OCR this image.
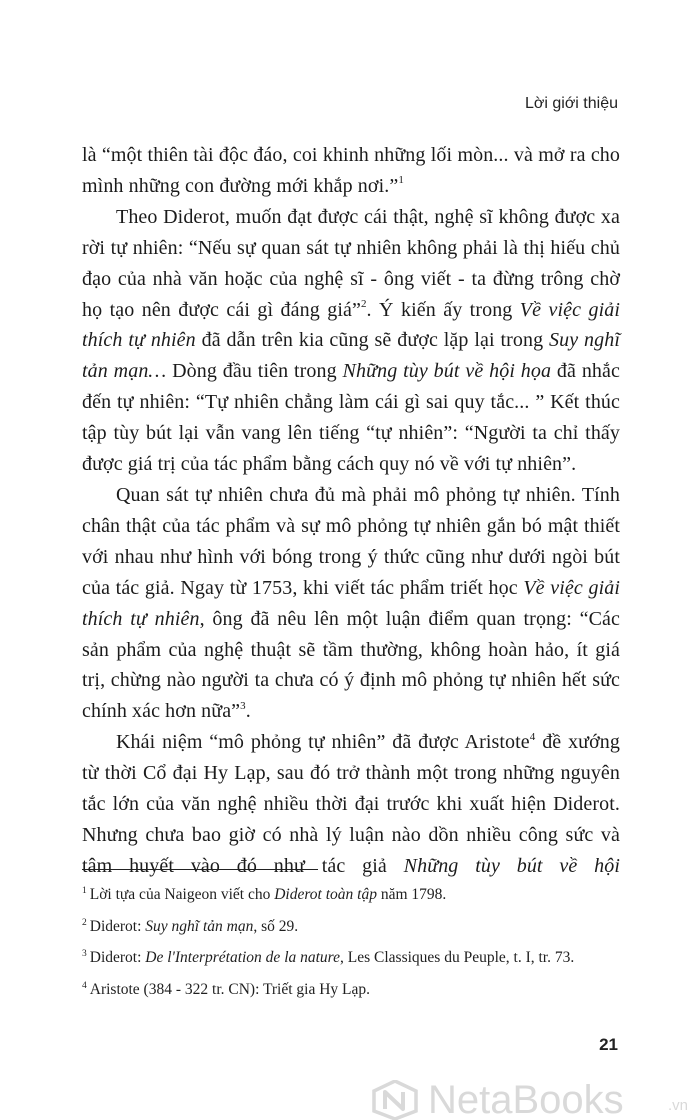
Lời giới thiệu

là “một thiên tài độc đáo, coi khinh những lối mòn... và mở ra cho mình những con đường mới khắp nơi.”$^1$

Theo Diderot, muốn đạt được cái thật, nghệ sĩ không được xa rời tự nhiên: “Nếu sự quan sát tự nhiên không phải là thị hiếu chủ đạo của nhà văn hoặc của nghệ sĩ - ông viết - ta đừng trông chờ họ tạo nên được cái gì đáng giá”$^2$. Ý kiến ấy trong Về việc giải thích tự nhiên đã dẫn trên kia cũng sẽ được lặp lại trong Suy nghĩ tản mạn… Dòng đầu tiên trong Những tùy bút về hội họa đã nhắc đến tự nhiên: “Tự nhiên chẳng làm cái gì sai quy tắc... ” Kết thúc tập tùy bút lại vẫn vang lên tiếng “tự nhiên”: “Người ta chỉ thấy được giá trị của tác phẩm bằng cách quy nó về với tự nhiên”.

Quan sát tự nhiên chưa đủ mà phải mô phỏng tự nhiên. Tính chân thật của tác phẩm và sự mô phỏng tự nhiên gắn bó mật thiết với nhau như hình với bóng trong ý thức cũng như dưới ngòi bút của tác giả. Ngay từ 1753, khi viết tác phẩm triết học Về việc giải thích tự nhiên, ông đã nêu lên một luận điểm quan trọng: “Các sản phẩm của nghệ thuật sẽ tầm thường, không hoàn hảo, ít giá trị, chừng nào người ta chưa có ý định mô phỏng tự nhiên hết sức chính xác hơn nữa”$^3$.

Khái niệm “mô phỏng tự nhiên” đã được Aristote$^4$ đề xướng từ thời Cổ đại Hy Lạp, sau đó trở thành một trong những nguyên tắc lớn của văn nghệ nhiều thời đại trước khi xuất hiện Diderot. Nhưng chưa bao giờ có nhà lý luận nào dồn nhiều công sức và tâm huyết vào đó như tác giả Những tùy bút về hội

$^1$ Lời tựa của Naigeon viết cho Diderot toàn tập năm 1798.

$^2$ Diderot: Suy nghĩ tản mạn, số 29.

$^3$ Diderot: De l'Interprétation de la nature, Les Classiques du Peuple, t. I, tr. 73.

$^4$ Aristote (384 - 322 tr. CN): Triết gia Hy Lạp.

21
NetaBooks	.vn
